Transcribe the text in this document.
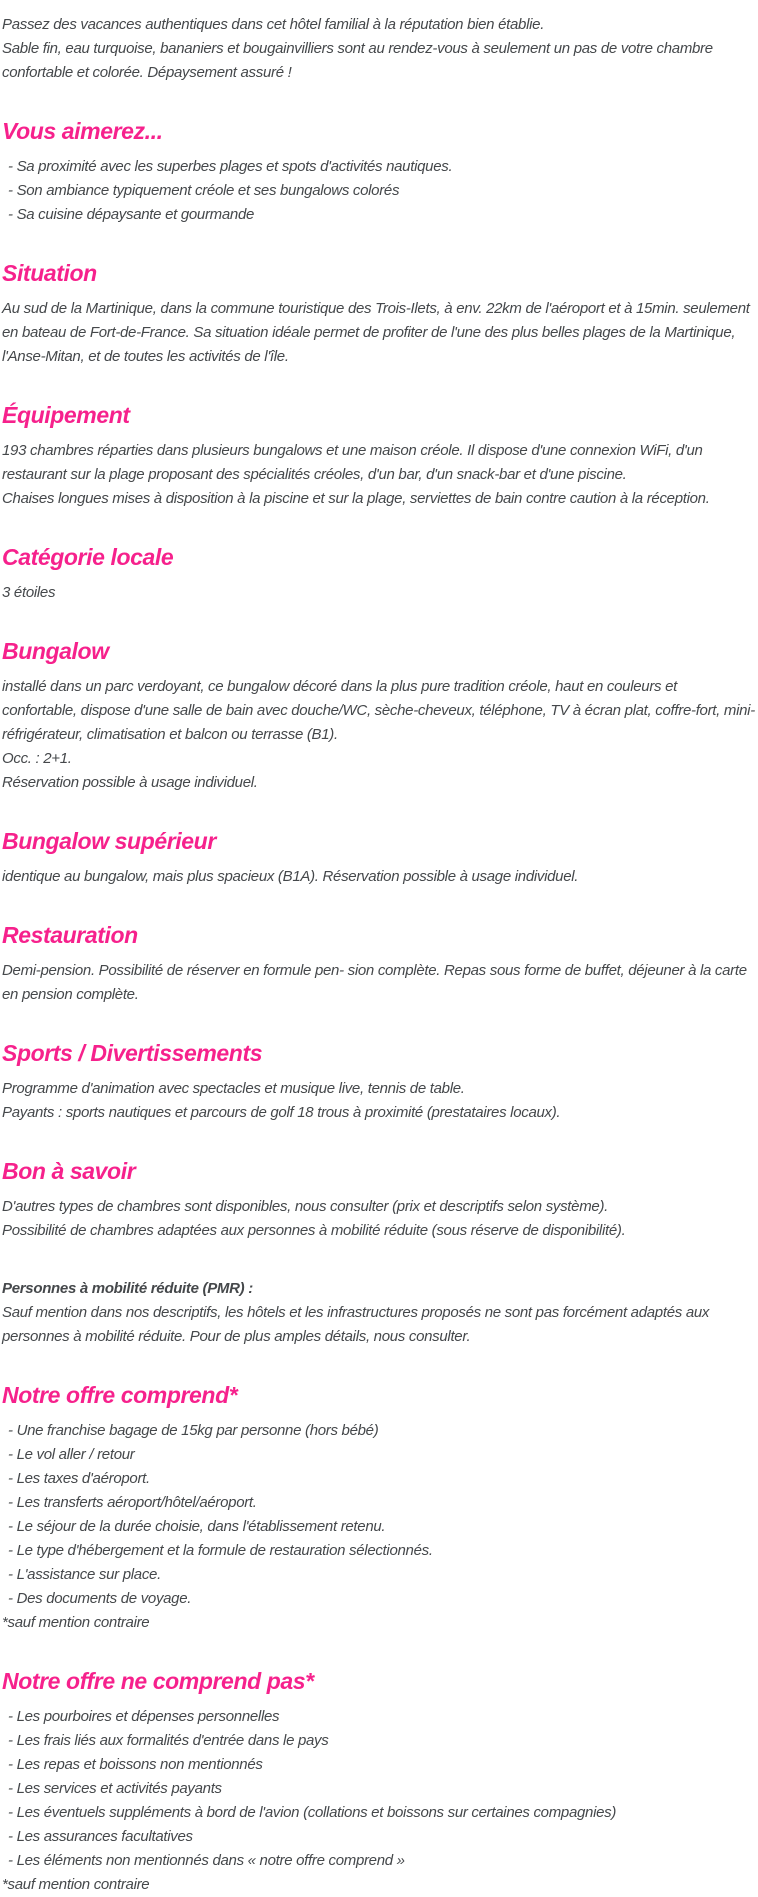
Passez des vacances authentiques dans cet hôtel familial à la réputation bien établie.

Sable fin, eau turquoise, bananiers et bougainvilliers sont au rendez-vous à seulement un pas de votre chambre confortable et colorée. Dépaysement assuré !

Vous aimerez...

- Sa proximité avec les superbes plages et spots d'activités nautiques.

- Son ambiance typiquement créole et ses bungalows colorés

- Sa cuisine dépaysante et gourmande

Situation

Au sud de la Martinique, dans la commune touristique des Trois-Ilets, à env. 22km de l'aéroport et à 15min. seulement en bateau de Fort-de-France. Sa situation idéale permet de profiter de l'une des plus belles plages de la Martinique, l'Anse-Mitan, et de toutes les activités de l'île.

Équipement

193 chambres réparties dans plusieurs bungalows et une maison créole. Il dispose d'une connexion WiFi, d'un restaurant sur la plage proposant des spécialités créoles, d'un bar, d'un snack-bar et d'une piscine.

Chaises longues mises à disposition à la piscine et sur la plage, serviettes de bain contre caution à la réception.

Catégorie locale

3 étoiles

Bungalow

installé dans un parc verdoyant, ce bungalow décoré dans la plus pure tradition créole, haut en couleurs et confortable, dispose d'une salle de bain avec douche/WC, sèche-cheveux, téléphone, TV à écran plat, coffre-fort, mini-réfrigérateur, climatisation et balcon ou terrasse (B1).

Occ. : 2+1.

Réservation possible à usage individuel.

Bungalow supérieur

identique au bungalow, mais plus spacieux (B1A). Réservation possible à usage individuel.

Restauration

Demi-pension. Possibilité de réserver en formule pen- sion complète. Repas sous forme de buffet, déjeuner à la carte en pension complète.

Sports / Divertissements

Programme d'animation avec spectacles et musique live, tennis de table.

Payants : sports nautiques et parcours de golf 18 trous à proximité (prestataires locaux).

Bon à savoir

D'autres types de chambres sont disponibles, nous consulter (prix et descriptifs selon système).

Possibilité de chambres adaptées aux personnes à mobilité réduite (sous réserve de disponibilité).

Personnes à mobilité réduite (PMR) :

Sauf mention dans nos descriptifs, les hôtels et les infrastructures proposés ne sont pas forcément adaptés aux personnes à mobilité réduite. Pour de plus amples détails, nous consulter.

Notre offre comprend*

- Une franchise bagage de 15kg par personne (hors bébé)

- Le vol aller / retour

- Les taxes d'aéroport.

- Les transferts aéroport/hôtel/aéroport.

- Le séjour de la durée choisie, dans l'établissement retenu.

- Le type d'hébergement et la formule de restauration sélectionnés.

- L'assistance sur place.

- Des documents de voyage.

*sauf mention contraire

Notre offre ne comprend pas*

- Les pourboires et dépenses personnelles

- Les frais liés aux formalités d'entrée dans le pays

- Les repas et boissons non mentionnés

- Les services et activités payants

- Les éventuels suppléments à bord de l'avion (collations et boissons sur certaines compagnies)

- Les assurances facultatives

- Les éléments non mentionnés dans « notre offre comprend »

*sauf mention contraire
